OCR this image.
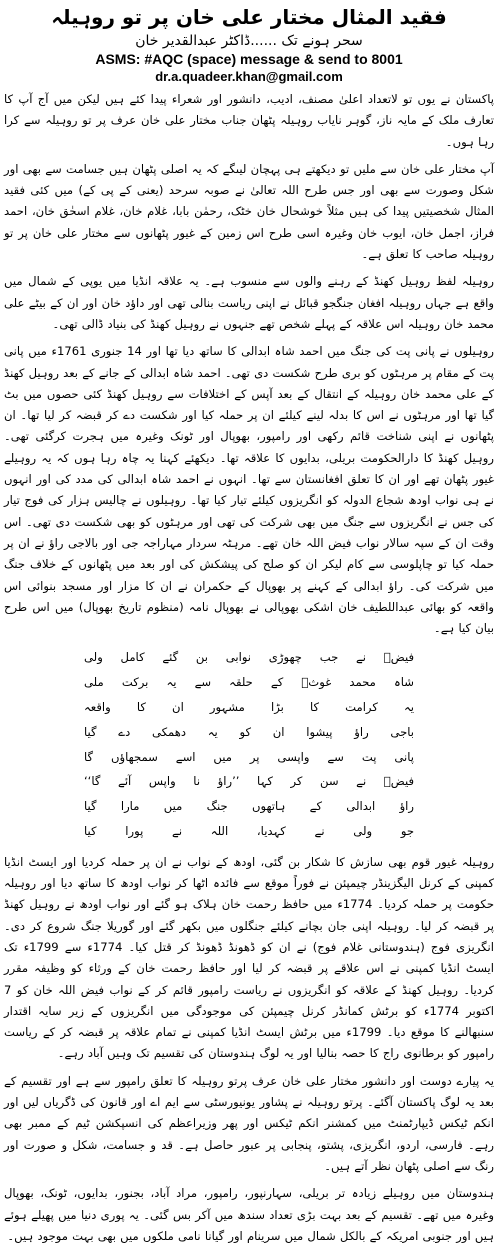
فقید المثال مختار علی خان پر تو روہیلہ
سحر ہونے تک ......ڈاکٹر عبدالقدیر خان
ASMS: #AQC (space) message & send to 8001
dr.a.quadeer.khan@gmail.com

پاکستان نے یوں تو لاتعداد اعلیٰ مصنف، ادیب، دانشور اور شعراء پیدا کئے ہیں لیکن میں آج آپ کا تعارف ملک کے مایہ ناز، گوہر نایاب روہیلہ پٹھان جناب مختار علی خان عرف پر تو روہیلہ سے کرا رہا ہوں۔

آپ مختار علی خان سے ملیں تو دیکھتے ہی پہچان لیںگے کہ یہ اصلی پٹھان ہیں جسامت سے بھی اور شکل وصورت سے بھی اور جس طرح اللہ تعالیٰ نے صوبہ سرحد (یعنی کے پی کے) میں کئی فقید المثال شخصیتیں پیدا کی ہیں مثلاً خوشحال خان خٹک، رحمٰن بابا، غلام خان، غلام اسحٰق خان، احمد فراز، اجمل خان، ایوب خان وغیرہ اسی طرح اس زمین کے غیور پٹھانوں سے مختار علی خان پر تو روہیلہ صاحب کا تعلق ہے۔

روہیلہ لفظ روہیل کھنڈ کے رہنے والوں سے منسوب ہے۔ یہ علاقہ انڈیا میں یوپی کے شمال میں واقع ہے جہاں روہیلہ افغان جنگجو قبائل نے اپنی ریاست بنالی تھی اور داؤد خان اور ان کے بیٹے علی محمد خان روہیلہ اس علاقہ کے پہلے شخص تھے جنہوں نے روہیل کھنڈ کی بنیاد ڈالی تھی۔

روہیلوں نے پانی پت کی جنگ میں احمد شاہ ابدالی کا ساتھ دیا تھا اور 14 جنوری 1761ء میں پانی پت کے مقام پر مرہٹوں کو بری طرح شکست دی تھی۔ احمد شاہ ابدالی کے جانے کے بعد روہیل کھنڈ کے علی محمد خان روہیلہ کے انتقال کے بعد آپس کے اختلافات سے روہیل کھنڈ کئی حصوں میں بٹ گیا تھا اور مرہٹوں نے اس کا بدلہ لینے کیلئے ان پر حملہ کیا اور شکست دے کر قبضہ کر لیا تھا۔ ان پٹھانوں نے اپنی شناخت قائم رکھی اور رامپور، بھوپال اور ٹونک وغیرہ میں ہجرت کرگئی تھی۔ روہیل کھنڈ کا دارالحکومت بریلی، بدایوں کا علاقہ تھا۔ دیکھئے کہنا یہ چاہ رہا ہوں کہ یہ روہیلے غیور پٹھان تھے اور ان کا تعلق افغانستان سے تھا۔ انہوں نے احمد شاہ ابدالی کی مدد کی اور انہوں نے ہی نواب اودھ شجاع الدولہ کو انگریزوں کیلئے تیار کیا تھا۔ روہیلوں نے چالیس ہزار کی فوج تیار کی جس نے انگریزوں سے جنگ میں بھی شرکت کی تھی اور مرہٹوں کو بھی شکست دی تھی۔ اس وقت ان کے سپہ سالار نواب فیض اللہ خان تھے۔ مرہٹہ سردار مہاراجہ جی اور بالاجی راؤ نے ان پر حملہ کیا تو چاپلوسی سے کام لیکر ان کو صلح کی پیشکش کی اور بعد میں پٹھانوں کے خلاف جنگ میں شرکت کی۔ راؤ ابدالی کے کہنے پر بھوپال کے حکمران نے ان کا مزار اور مسجد بنوائی اس واقعہ کو بھائی عبداللطیف خان اشکی بھوپالی نے بھوپال نامہ (منظوم تاریخ بھوپال) میں اس طرح بیان کیا ہے۔

فیضؔ نے جب چھوڑی نوابی بن گئے کامل ولی

شاہ محمد غوثؔ کے حلقہ سے یہ برکت ملی

یہ کرامت کا بڑا مشہور ان کا واقعہ

باجی راؤ پیشوا ان کو یہ دھمکی دے گیا

پانی پت سے واپسی پر میں اسے سمجھاؤں گا

فیضؔ نے سن کر کہا ’’راؤ نا واپس آئے گا‘‘

راؤ ابدالی کے ہاتھوں جنگ میں مارا گیا

جو ولی نے کہدیا، اللہ نے پورا کیا

روہیلہ غیور قوم بھی سازش کا شکار بن گئی، اودھ کے نواب نے ان پر حملہ کردیا اور ایسٹ انڈیا کمپنی کے کرنل الیگزینڈر چیمپئن نے فوراً موقع سے فائدہ اٹھا کر نواب اودھ کا ساتھ دیا اور روہیلہ حکومت پر حملہ کردیا۔ 1774ء میں حافظ رحمت خان ہلاک ہو گئے اور نواب اودھ نے روہیل کھنڈ پر قبضہ کر لیا۔ روہیلہ اپنی جان بچانے کیلئے جنگلوں میں بکھر گئے اور گوریلا جنگ شروع کر دی۔ انگریزی فوج (ہندوستانی غلام فوج) نے ان کو ڈھونڈ ڈھونڈ کر قتل کیا۔ 1774ء سے 1799ء تک ایسٹ انڈیا کمپنی نے اس علاقے پر قبضہ کر لیا اور حافظ رحمت خان کے ورثاء کو وظیفہ مقرر کردیا۔ روہیل کھنڈ کے علاقہ کو انگریزوں نے ریاست رامپور قائم کر کے نواب فیض اللہ خان کو 7 اکتوبر 1774ء کو برٹش کمانڈر کرنل چیمپئن کی موجودگی میں انگریزوں کے زیر سایہ اقتدار سنبھالنے کا موقع دیا۔ 1799ء میں برٹش ایسٹ انڈیا کمپنی نے تمام علاقہ پر قبضہ کر کے ریاست رامپور کو برطانوی راج کا حصہ بنالیا اور یہ لوگ ہندوستان کی تقسیم تک وہیں آباد رہے۔

یہ پیارے دوست اور دانشور مختار علی خان عرف پرتو روہیلہ کا تعلق رامپور سے ہے اور تقسیم کے بعد یہ لوگ پاکستان آگئے۔ پرتو روہیلہ نے پشاور یونیورسٹی سے ایم اے اور قانون کی ڈگریاں لیں اور انکم ٹیکس ڈیپارٹمنٹ میں کمشنر انکم ٹیکس اور پھر وزیراعظم کی انسپکشن ٹیم کے ممبر بھی رہے۔ فارسی، اردو، انگریزی، پشتو، پنجابی پر عبور حاصل ہے۔ قد و جسامت، شکل و صورت اور رنگ سے اصلی پٹھان نظر آتے ہیں۔

ہندوستان میں روہیلے زیادہ تر بریلی، سہارنپور، رامپور، مراد آباد، بجنور، بدایوں، ٹونک، بھوپال وغیرہ میں تھے۔ تقسیم کے بعد بہت بڑی تعداد سندھ میں آکر بس گئی۔ یہ پوری دنیا میں پھیلے ہوئے ہیں اور جنوبی امریکہ کے بالکل شمال میں سرینام اور گیانا نامی ملکوں میں بھی بہت موجود ہیں۔
